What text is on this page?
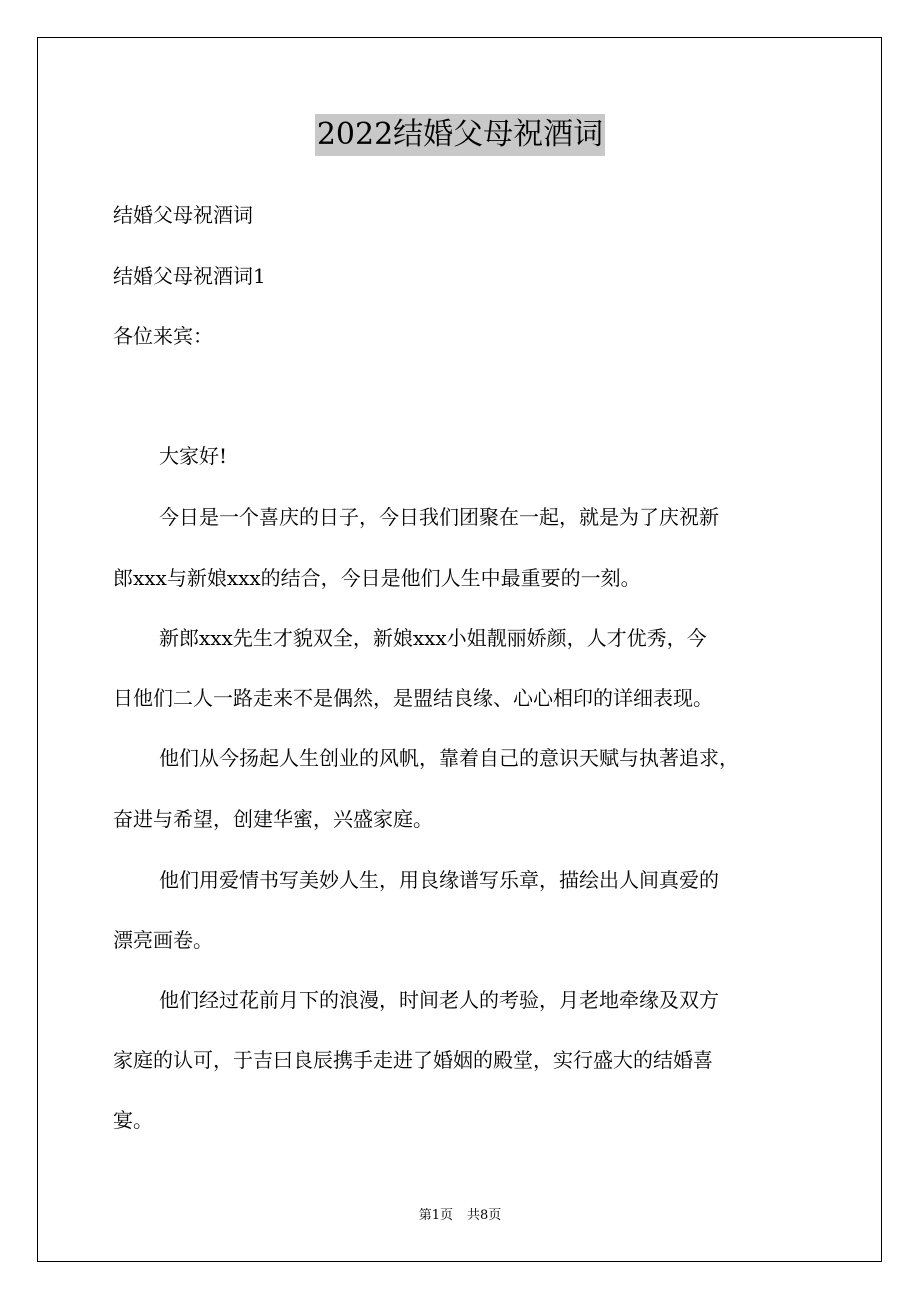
2022结婚父母祝酒词
结婚父母祝酒词
结婚父母祝酒词1
各位来宾：
大家好!
今日是一个喜庆的日子，今日我们团聚在一起，就是为了庆祝新
郎xxx与新娘xxx的结合，今日是他们人生中最重要的一刻。
新郎xxx先生才貌双全，新娘xxx小姐靓丽娇颜，人才优秀，今
日他们二人一路走来不是偶然，是盟结良缘、心心相印的详细表现。
他们从今扬起人生创业的风帆，靠着自己的意识天赋与执著追求，
奋进与希望，创建华蜜，兴盛家庭。
他们用爱情书写美妙人生，用良缘谱写乐章，描绘出人间真爱的
漂亮画卷。
他们经过花前月下的浪漫，时间老人的考验，月老地牵缘及双方
家庭的认可，于吉曰良辰携手走进了婚姻的殿堂，实行盛大的结婚喜
宴。
第1页 共8页
